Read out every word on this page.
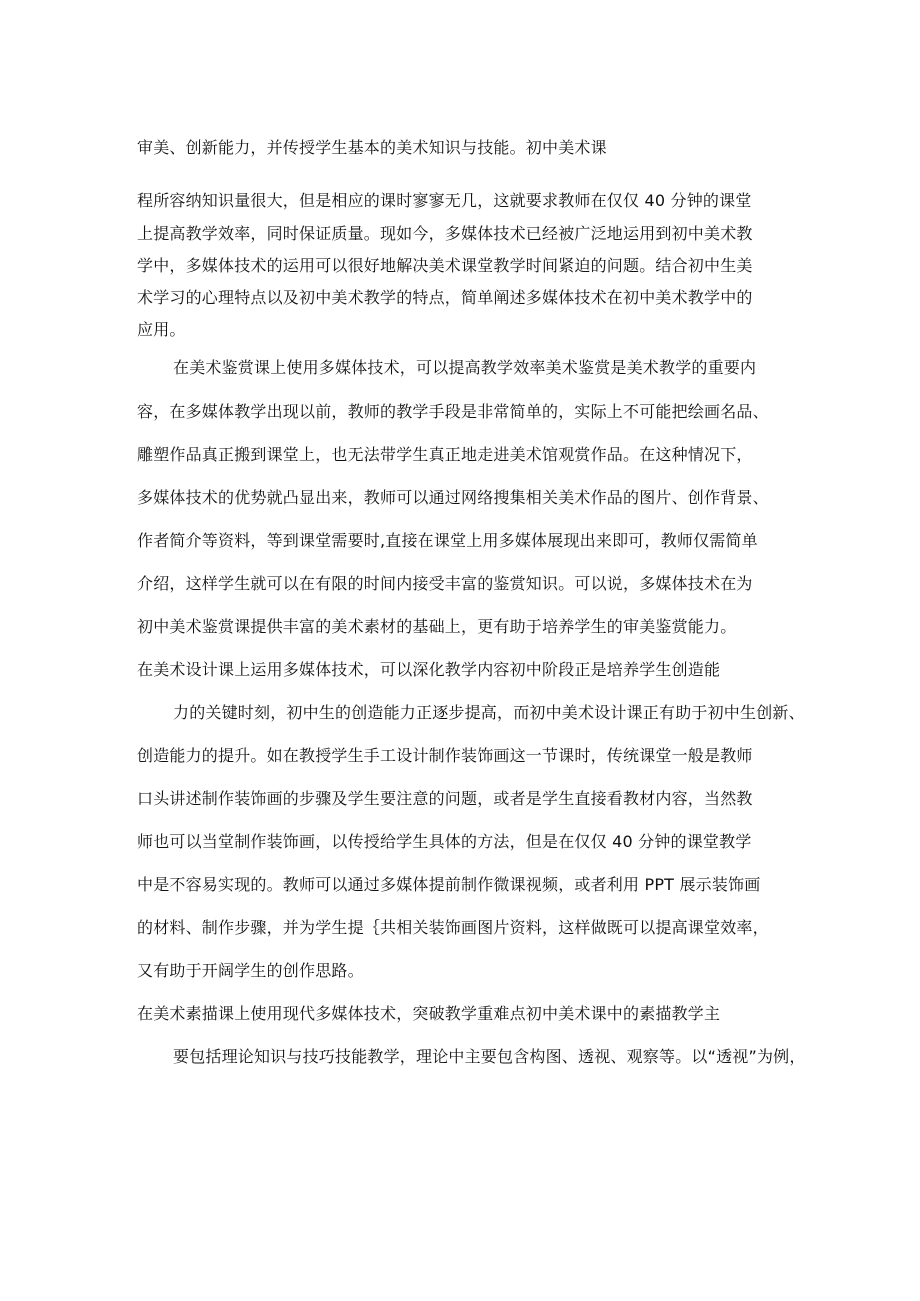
审美、创新能力，并传授学生基本的美术知识与技能。初中美术课
程所容纳知识量很大，但是相应的课时寥寥无几，这就要求教师在仅仅 40 分钟的课堂
上提高教学效率，同时保证质量。现如今，多媒体技术已经被广泛地运用到初中美术教
学中，多媒体技术的运用可以很好地解决美术课堂教学时间紧迫的问题。结合初中生美
术学习的心理特点以及初中美术教学的特点，简单阐述多媒体技术在初中美术教学中的
应用。
在美术鉴赏课上使用多媒体技术，可以提高教学效率美术鉴赏是美术教学的重要内
容，在多媒体教学出现以前，教师的教学手段是非常简单的，实际上不可能把绘画名品、
雕塑作品真正搬到课堂上，也无法带学生真正地走进美术馆观赏作品。在这种情况下，
多媒体技术的优势就凸显出来，教师可以通过网络搜集相关美术作品的图片、创作背景、
作者简介等资料，等到课堂需要时,直接在课堂上用多媒体展现出来即可，教师仅需简单
介绍，这样学生就可以在有限的时间内接受丰富的鉴赏知识。可以说，多媒体技术在为
初中美术鉴赏课提供丰富的美术素材的基础上，更有助于培养学生的审美鉴赏能力。
在美术设计课上运用多媒体技术，可以深化教学内容初中阶段正是培养学生创造能
力的关键时刻，初中生的创造能力正逐步提高，而初中美术设计课正有助于初中生创新、
创造能力的提升。如在教授学生手工设计制作装饰画这一节课时，传统课堂一般是教师
口头讲述制作装饰画的步骤及学生要注意的问题，或者是学生直接看教材内容，当然教
师也可以当堂制作装饰画，以传授给学生具体的方法，但是在仅仅 40 分钟的课堂教学
中是不容易实现的。教师可以通过多媒体提前制作微课视频，或者利用 PPT 展示装饰画
的材料、制作步骤，并为学生提｛共相关装饰画图片资料，这样做既可以提高课堂效率，
又有助于开阔学生的创作思路。
在美术素描课上使用现代多媒体技术，突破教学重难点初中美术课中的素描教学主
要包括理论知识与技巧技能教学，理论中主要包含构图、透视、观察等。以“透视”为例，
